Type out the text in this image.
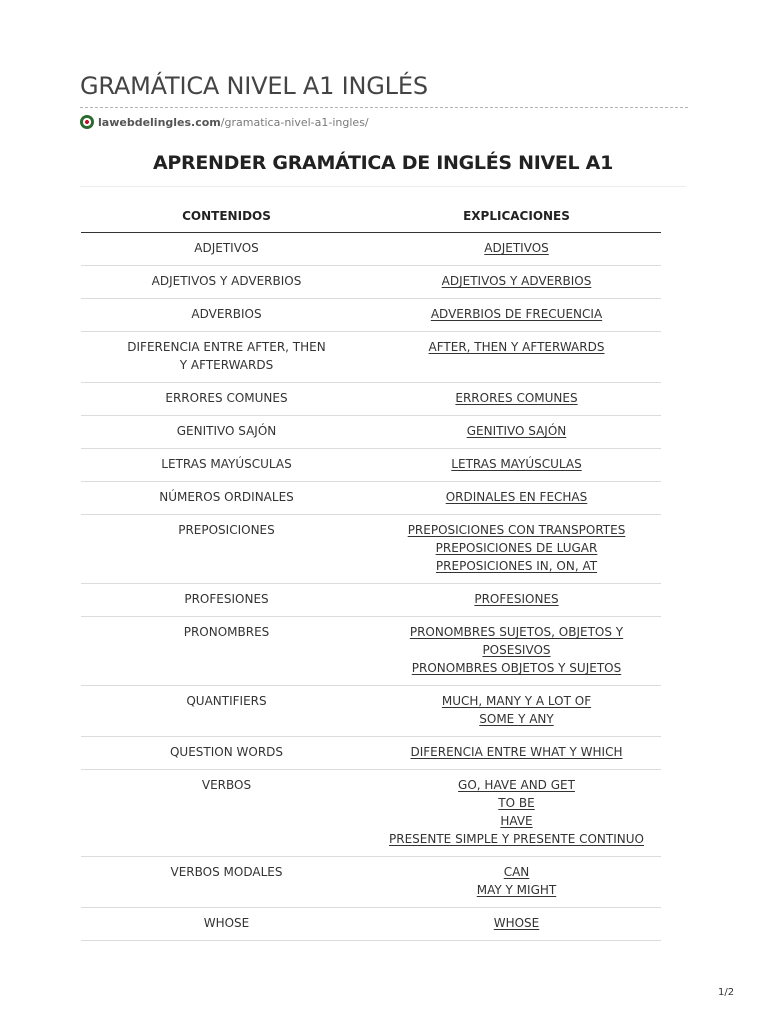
GRAMÁTICA NIVEL A1 INGLÉS
lawebdelingles.com /gramatica-nivel-a1-ingles/
APRENDER GRAMÁTICA DE INGLÉS NIVEL A1
CONTENIDOS	EXPLICACIONES

ADJETIVOS	ADJETIVOS

ADJETIVOS Y ADVERBIOS	ADJETIVOS Y ADVERBIOS

ADVERBIOS	ADVERBIOS DE FRECUENCIA

DIFERENCIA ENTRE AFTER, THEN Y AFTERWARDS	AFTER, THEN Y AFTERWARDS

ERRORES COMUNES	ERRORES COMUNES

GENITIVO SAJÓN	GENITIVO SAJÓN

LETRAS MAYÚSCULAS	LETRAS MAYÚSCULAS

NÚMEROS ORDINALES	ORDINALES EN FECHAS

PREPOSICIONES	PREPOSICIONES CON TRANSPORTES
PREPOSICIONES DE LUGAR
PREPOSICIONES IN, ON, AT

PROFESIONES	PROFESIONES

PRONOMBRES	PRONOMBRES SUJETOS, OBJETOS Y POSESIVOS
PRONOMBRES OBJETOS Y SUJETOS

QUANTIFIERS	MUCH, MANY Y A LOT OF
SOME Y ANY

QUESTION WORDS	DIFERENCIA ENTRE WHAT Y WHICH

VERBOS	GO, HAVE AND GET
TO BE
HAVE
PRESENTE SIMPLE Y PRESENTE CONTINUO

VERBOS MODALES	CAN
MAY Y MIGHT

WHOSE	WHOSE
1/2
